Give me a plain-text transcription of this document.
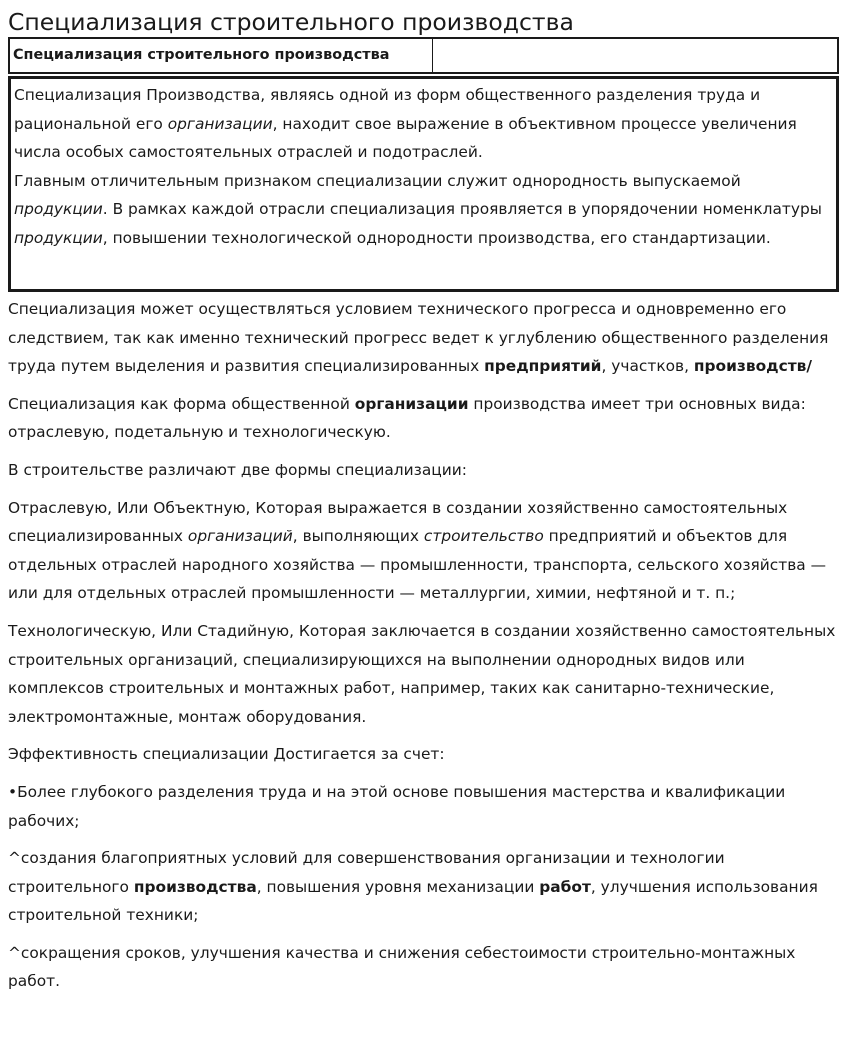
Специализация строительного производства
Специализация строительного производства

Специализация Производства, являясь одной из форм общественного разделения труда и рациональной его организации, находит свое выражение в объективном процессе увеличения числа особых самостоятельных отраслей и подотраслей.

Главным отличительным признаком специализации служит однородность выпускаемой продукции. В рамках каждой отрасли специализация проявляется в упорядочении номенклатуры продукции, повышении технологической однородности производства, его стандартизации.

Специализация может осуществляться условием технического прогресса и одновременно его следствием, так как именно технический прогресс ведет к углублению общественного разделения труда путем выделения и развития специализированных предприятий, участков, производств/

Специализация как форма общественной организации производства имеет три основных вида: отраслевую, подетальную и технологическую.

В строительстве различают две формы специализации:

Отраслевую, Или Объектную, Которая выражается в создании хозяйственно самостоятельных специализированных организаций, выполняющих строительство предприятий и объектов для отдельных отраслей народного хозяйства — промышленности, транспорта, сельского хозяйства — или для отдельных отраслей промышленности — металлургии, химии, нефтяной и т. п.;

Технологическую, Или Стадийную, Которая заключается в создании хозяйственно самостоятельных строительных организаций, специализирующихся на выполнении однородных видов или комплексов строительных и монтажных работ, например, таких как санитарно-технические, электромонтажные, монтаж оборудования.

Эффективность специализации Достигается за счет:

•Более глубокого разделения труда и на этой основе повышения мастерства и квалификации рабочих;

^создания благоприятных условий для совершенствования организации и технологии строительного производства, повышения уровня механизации работ, улучшения использования строительной техники;

^сокращения сроков, улучшения качества и снижения себестоимости строительно-монтажных работ.
